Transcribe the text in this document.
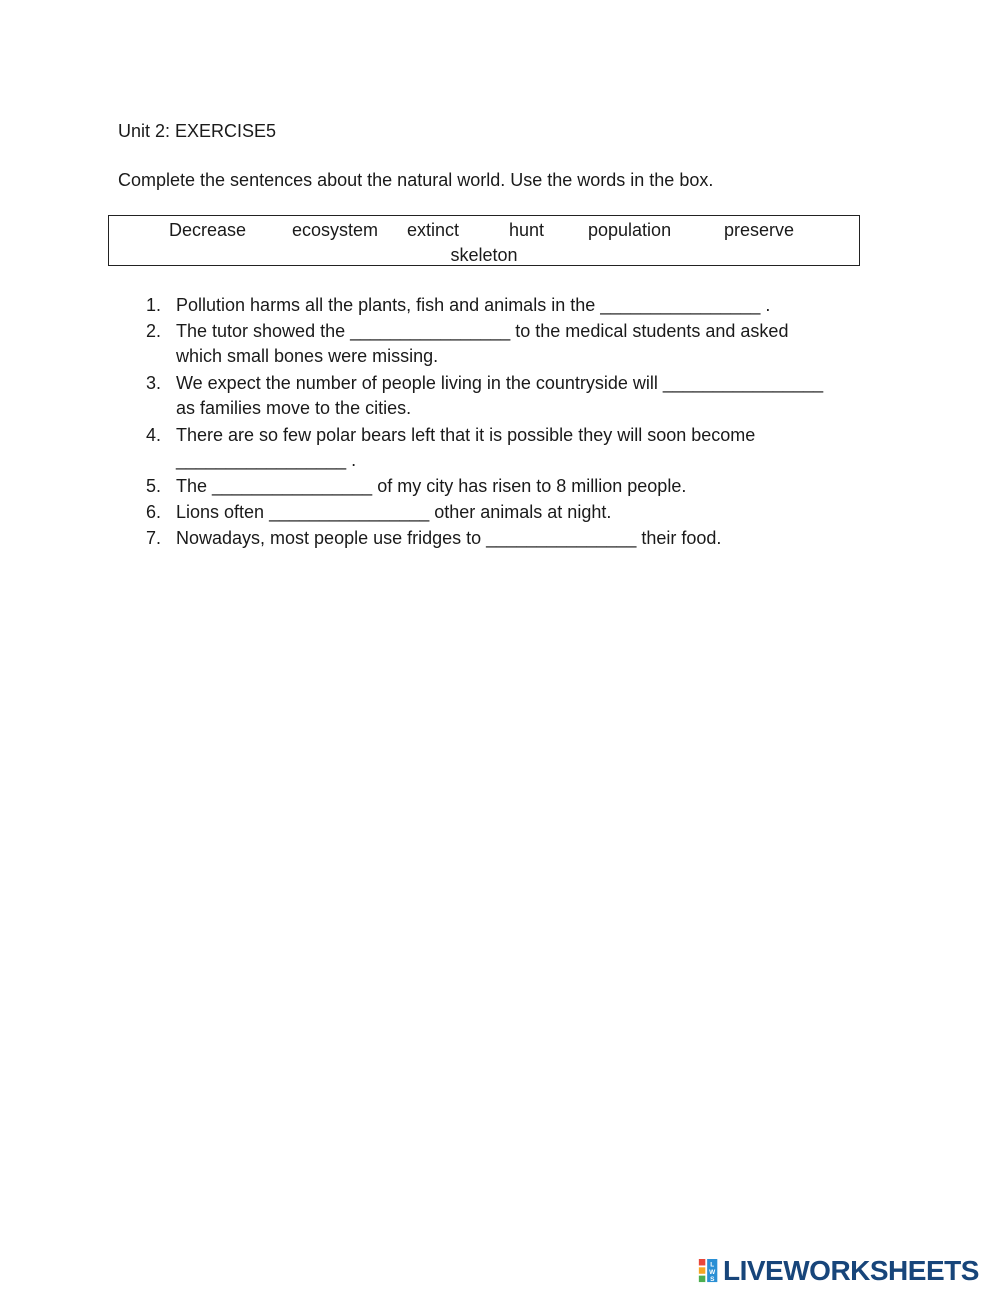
Unit 2: EXERCISE5
Complete the sentences about the natural world. Use the words in the box.
Decrease	ecosystem extinct	hunt population	preserve
skeleton
1. Pollution harms all the plants, fish and animals in the ________________ .
2. The tutor showed the ________________ to the medical students and asked
which small bones were missing.
3. We expect the number of people living in the countryside will ________________
as families move to the cities.
4. There are so few polar bears left that it is possible they will soon become
_________________ .
5. The ________________ of my city has risen to 8 million people.
6. Lions often ________________ other animals at night.
7. Nowadays, most people use fridges to _______________ their food.
L
W
S LIVEWORKSHEETS
